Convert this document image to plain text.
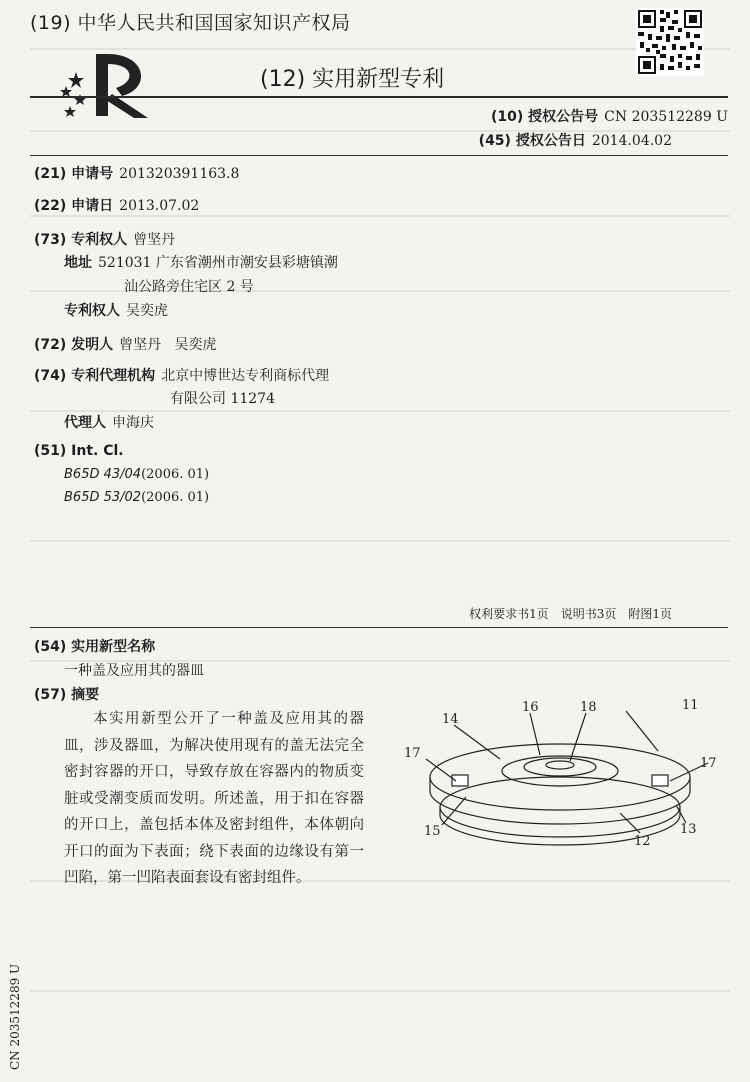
(19) 中华人民共和国国家知识产权局
(12) 实用新型专利
(10) 授权公告号 CN 203512289 U
(45) 授权公告日 2014.04.02
(21) 申请号 201320391163.8
(22) 申请日 2013.07.02
(73) 专利权人 曾坚丹
地址 521031 广东省潮州市潮安县彩塘镇潮
汕公路旁住宅区 2 号
专利权人 吴奕虎
(72) 发明人 曾坚丹   吴奕虎
(74) 专利代理机构 北京中博世达专利商标代理
有限公司 11274
代理人 申海庆
(51) Int. Cl.
B65D 43/04(2006. 01)
B65D 53/02(2006. 01)
权利要求书1页 说明书3页 附图1页
(54) 实用新型名称
一种盖及应用其的器皿
(57) 摘要

本实用新型公开了一种盖及应用其的器皿，涉及器皿，为解决使用现有的盖无法完全密封容器的开口，导致存放在容器内的物质变脏或受潮变质而发明。所述盖，用于扣在容器的开口上，盖包括本体及密封组件，本体朝向开口的面为下表面；绕下表面的边缘设有第一凹陷，第一凹陷表面套设有密封组件。

14
16	18	11
17
17
15
12
13
CN 203512289 U
